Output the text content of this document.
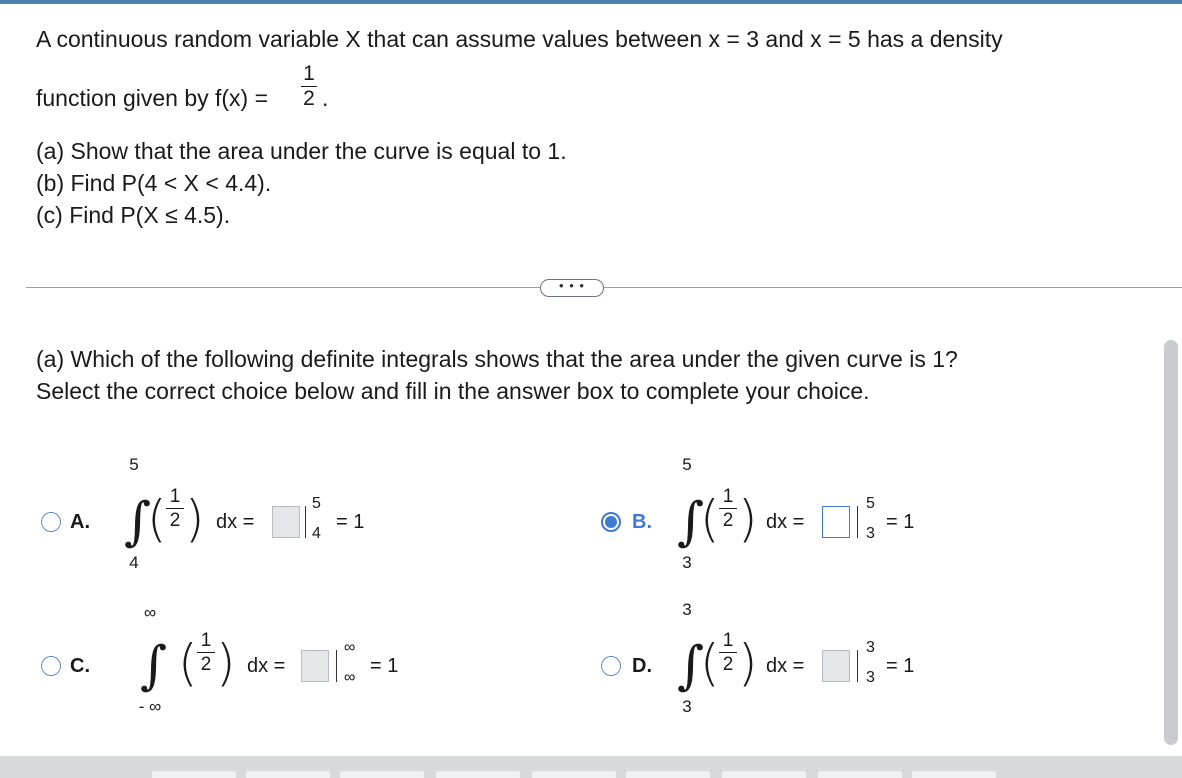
A continuous random variable X that can assume values between x = 3 and x = 5 has a density
function given by f(x) =
1
2 .
(a) Show that the area under the curve is equal to 1.
(b) Find P(4 < X < 4.4).
(c) Find P(X ≤ 4.5).
• • •
(a) Which of the following definite integrals shows that the area under the given curve is 1?
Select the correct choice below and fill in the answer box to complete your choice.
A.
5
∫
4
( 1
2 ) dx =
5
4
= 1	B.
5
∫
3
( 1
2 ) dx =
5
3
= 1
C.
∞
∫
- ∞
( 1
2 ) dx =
∞
∞
= 1	D.
3
∫
3
( 1
2 ) dx =
3
3
= 1
